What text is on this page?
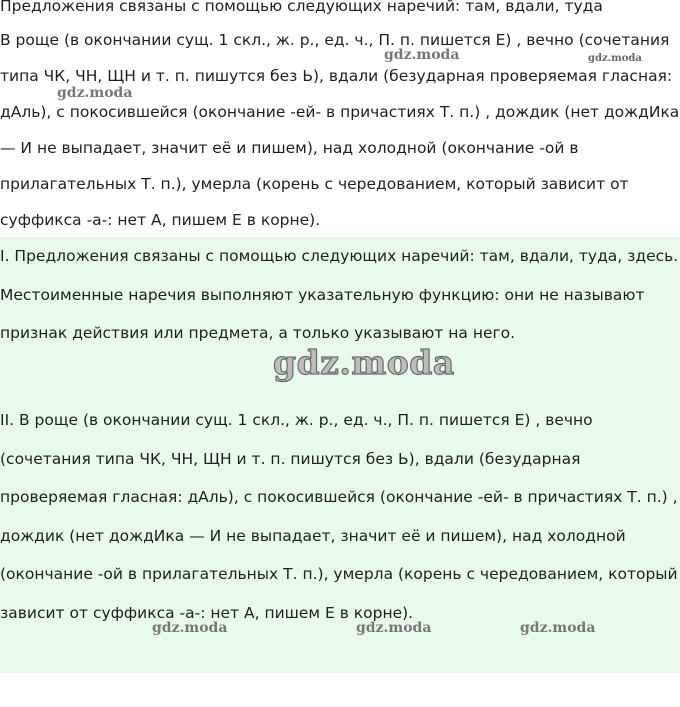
Предложения связаны с помощью следующих наречий: там, вдали, туда

В роще (в окончании сущ. 1 скл., ж. р., ед. ч., П. п. пишется Е) , вечно (сочетания типа ЧК, ЧН, ЩН и т. п. пишутся без Ь), вдали (безударная проверяемая гласная: дАль), с покосившейся (окончание -ей- в причастиях Т. п.) , дождик (нет дождИка — И не выпадает, значит её и пишем), над холодной (окончание -ой в прилагательных Т. п.), умерла (корень с чередованием, который зависит от суффикса -а-: нет А, пишем Е в корне).

I. Предложения связаны с помощью следующих наречий: там, вдали, туда, здесь. Местоименные наречия выполняют указательную функцию: они не называют признак действия или предмета, а только указывают на него.

II. В роще (в окончании сущ. 1 скл., ж. р., ед. ч., П. п. пишется Е) , вечно (сочетания типа ЧК, ЧН, ЩН и т. п. пишутся без Ь), вдали (безударная проверяемая гласная: дАль), с покосившейся (окончание -ей- в причастиях Т. п.) , дождик (нет дождИка — И не выпадает, значит её и пишем), над холодной (окончание -ой в прилагательных Т. п.), умерла (корень с чередованием, который зависит от суффикса -а-: нет А, пишем Е в корне).

gdz.moda	gdz.moda
gdz.moda
gdz.moda
gdz.moda	gdz.moda	gdz.moda
